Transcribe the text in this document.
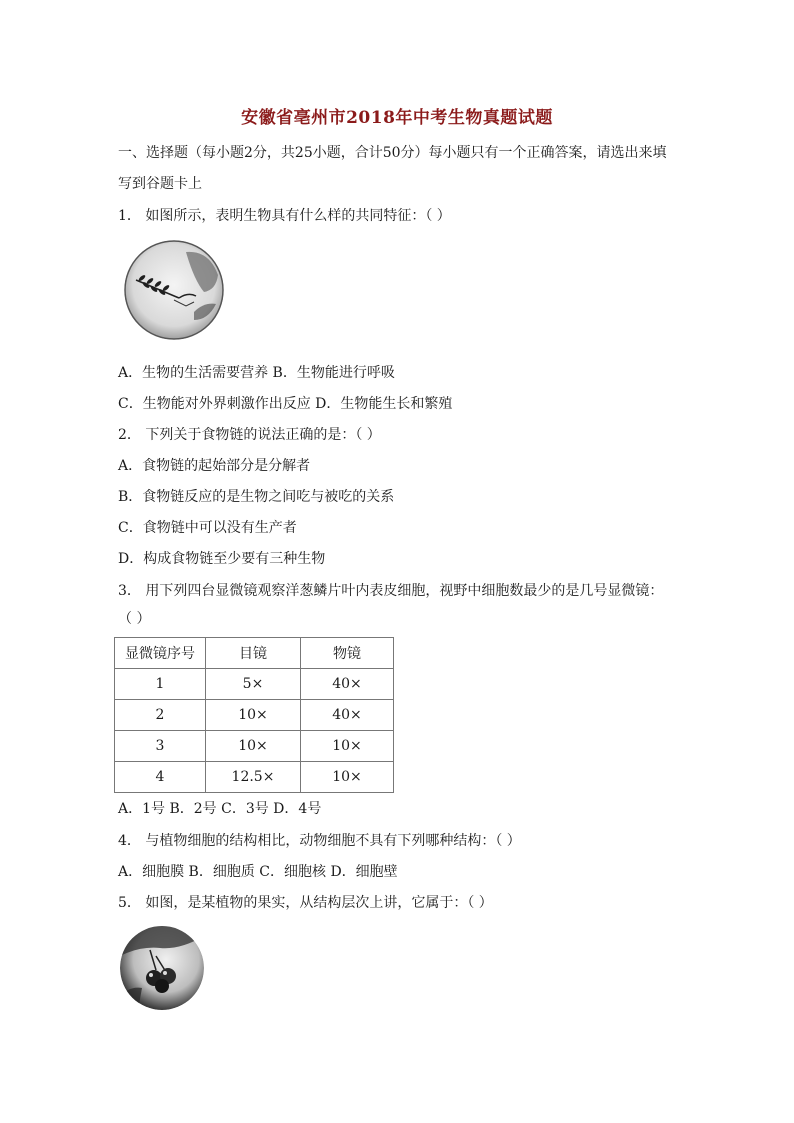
安徽省亳州市2018年中考生物真题试题
一、选择题（每小题2分，共25小题，合计50分）每小题只有一个正确答案，请选出来填
写到谷题卡上
1． 如图所示，表明生物具有什么样的共同特征：（ ）
A．生物的生活需要营养 B．生物能进行呼吸
C．生物能对外界刺激作出反应 D．生物能生长和繁殖
2． 下列关于食物链的说法正确的是：（ ）
A．食物链的起始部分是分解者
B．食物链反应的是生物之间吃与被吃的关系
C．食物链中可以没有生产者
D．构成食物链至少要有三种生物
3． 用下列四台显微镜观察洋葱鳞片叶内表皮细胞，视野中细胞数最少的是几号显微镜：
（ ）
显微镜序号	目镜	物镜
1	5×	40×
2	10×	40×
3	10×	10×
4	12.5×	10×
A．1号 B．2号 C．3号 D．4号
4． 与植物细胞的结构相比，动物细胞不具有下列哪种结构：（ ）
A．细胞膜 B．细胞质 C．细胞核 D．细胞壁
5． 如图，是某植物的果实，从结构层次上讲，它属于：（ ）
